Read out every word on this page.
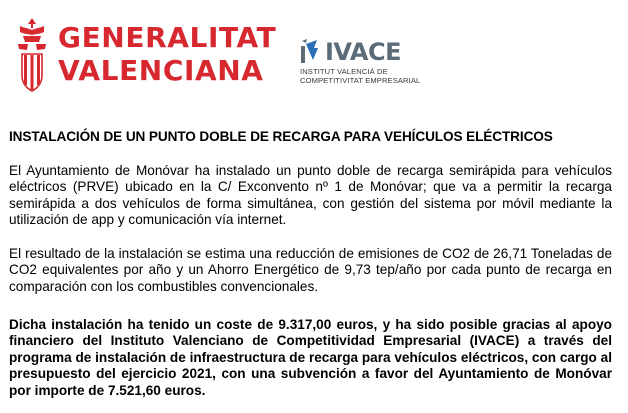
GENERALITAT
VALENCIANA
IVACE
INSTITUT VALENCIÀ DE
COMPETITIVITAT EMPRESARIAL
INSTALACIÓN DE UN PUNTO DOBLE DE RECARGA PARA VEHÍCULOS ELÉCTRICOS

El Ayuntamiento de Monóvar ha instalado un punto doble de recarga semirápida para vehículos eléctricos (PRVE) ubicado en la C/ Exconvento nº 1 de Monóvar; que va a permitir la recarga semirápida a dos vehículos de forma simultánea, con gestión del sistema por móvil mediante la utilización de app y comunicación vía internet.

El resultado de la instalación se estima una reducción de emisiones de CO2 de 26,71 Toneladas de CO2 equivalentes por año y un Ahorro Energético de 9,73 tep/año por cada punto de recarga en comparación con los combustibles convencionales.

Dicha instalación ha tenido un coste de 9.317,00 euros, y ha sido posible gracias al apoyo financiero del Instituto Valenciano de Competitividad Empresarial (IVACE) a través del programa de instalación de infraestructura de recarga para vehículos eléctricos, con cargo al presupuesto del ejercicio 2021, con una subvención a favor del Ayuntamiento de Monóvar por importe de 7.521,60 euros.
